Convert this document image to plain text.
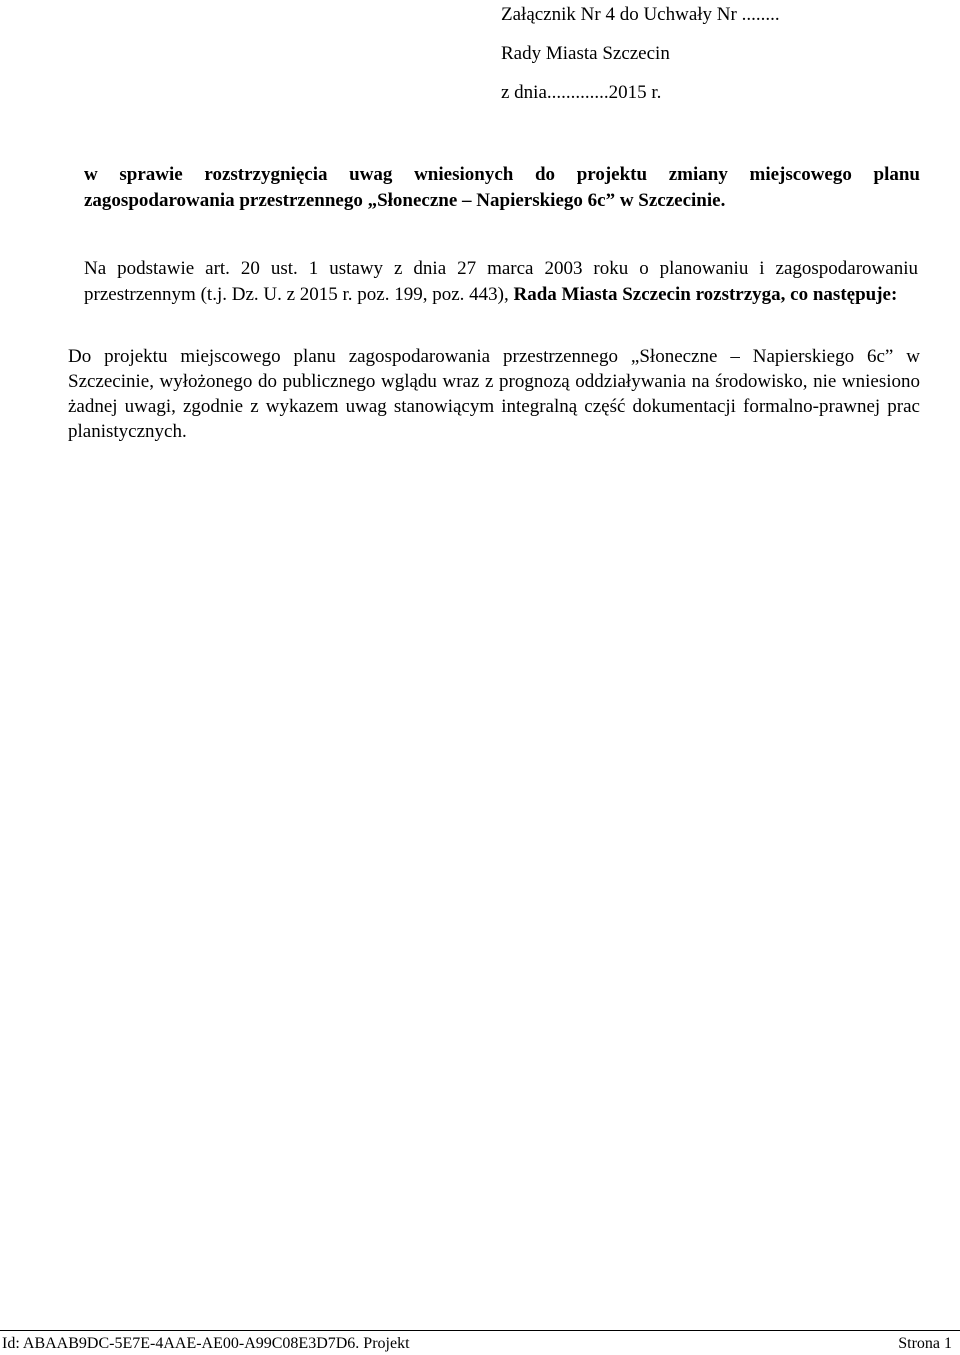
Załącznik Nr 4 do Uchwały Nr ........
Rady Miasta Szczecin
z dnia.............2015 r.
w sprawie rozstrzygnięcia uwag wniesionych do projektu zmiany miejscowego planu zagospodarowania przestrzennego „Słoneczne – Napierskiego 6c” w Szczecinie.
Na podstawie art. 20 ust. 1 ustawy z dnia 27 marca 2003 roku o planowaniu i zagospodarowaniu przestrzennym (t.j. Dz. U. z 2015 r. poz. 199, poz. 443), Rada Miasta Szczecin rozstrzyga, co następuje:
Do projektu miejscowego planu zagospodarowania przestrzennego „Słoneczne – Napierskiego 6c” w Szczecinie, wyłożonego do publicznego wglądu wraz z prognozą oddziaływania na środowisko, nie wniesiono żadnej uwagi, zgodnie z wykazem uwag stanowiącym integralną część dokumentacji formalno-prawnej prac planistycznych.
Id: ABAAB9DC-5E7E-4AAE-AE00-A99C08E3D7D6. Projekt	Strona 1
